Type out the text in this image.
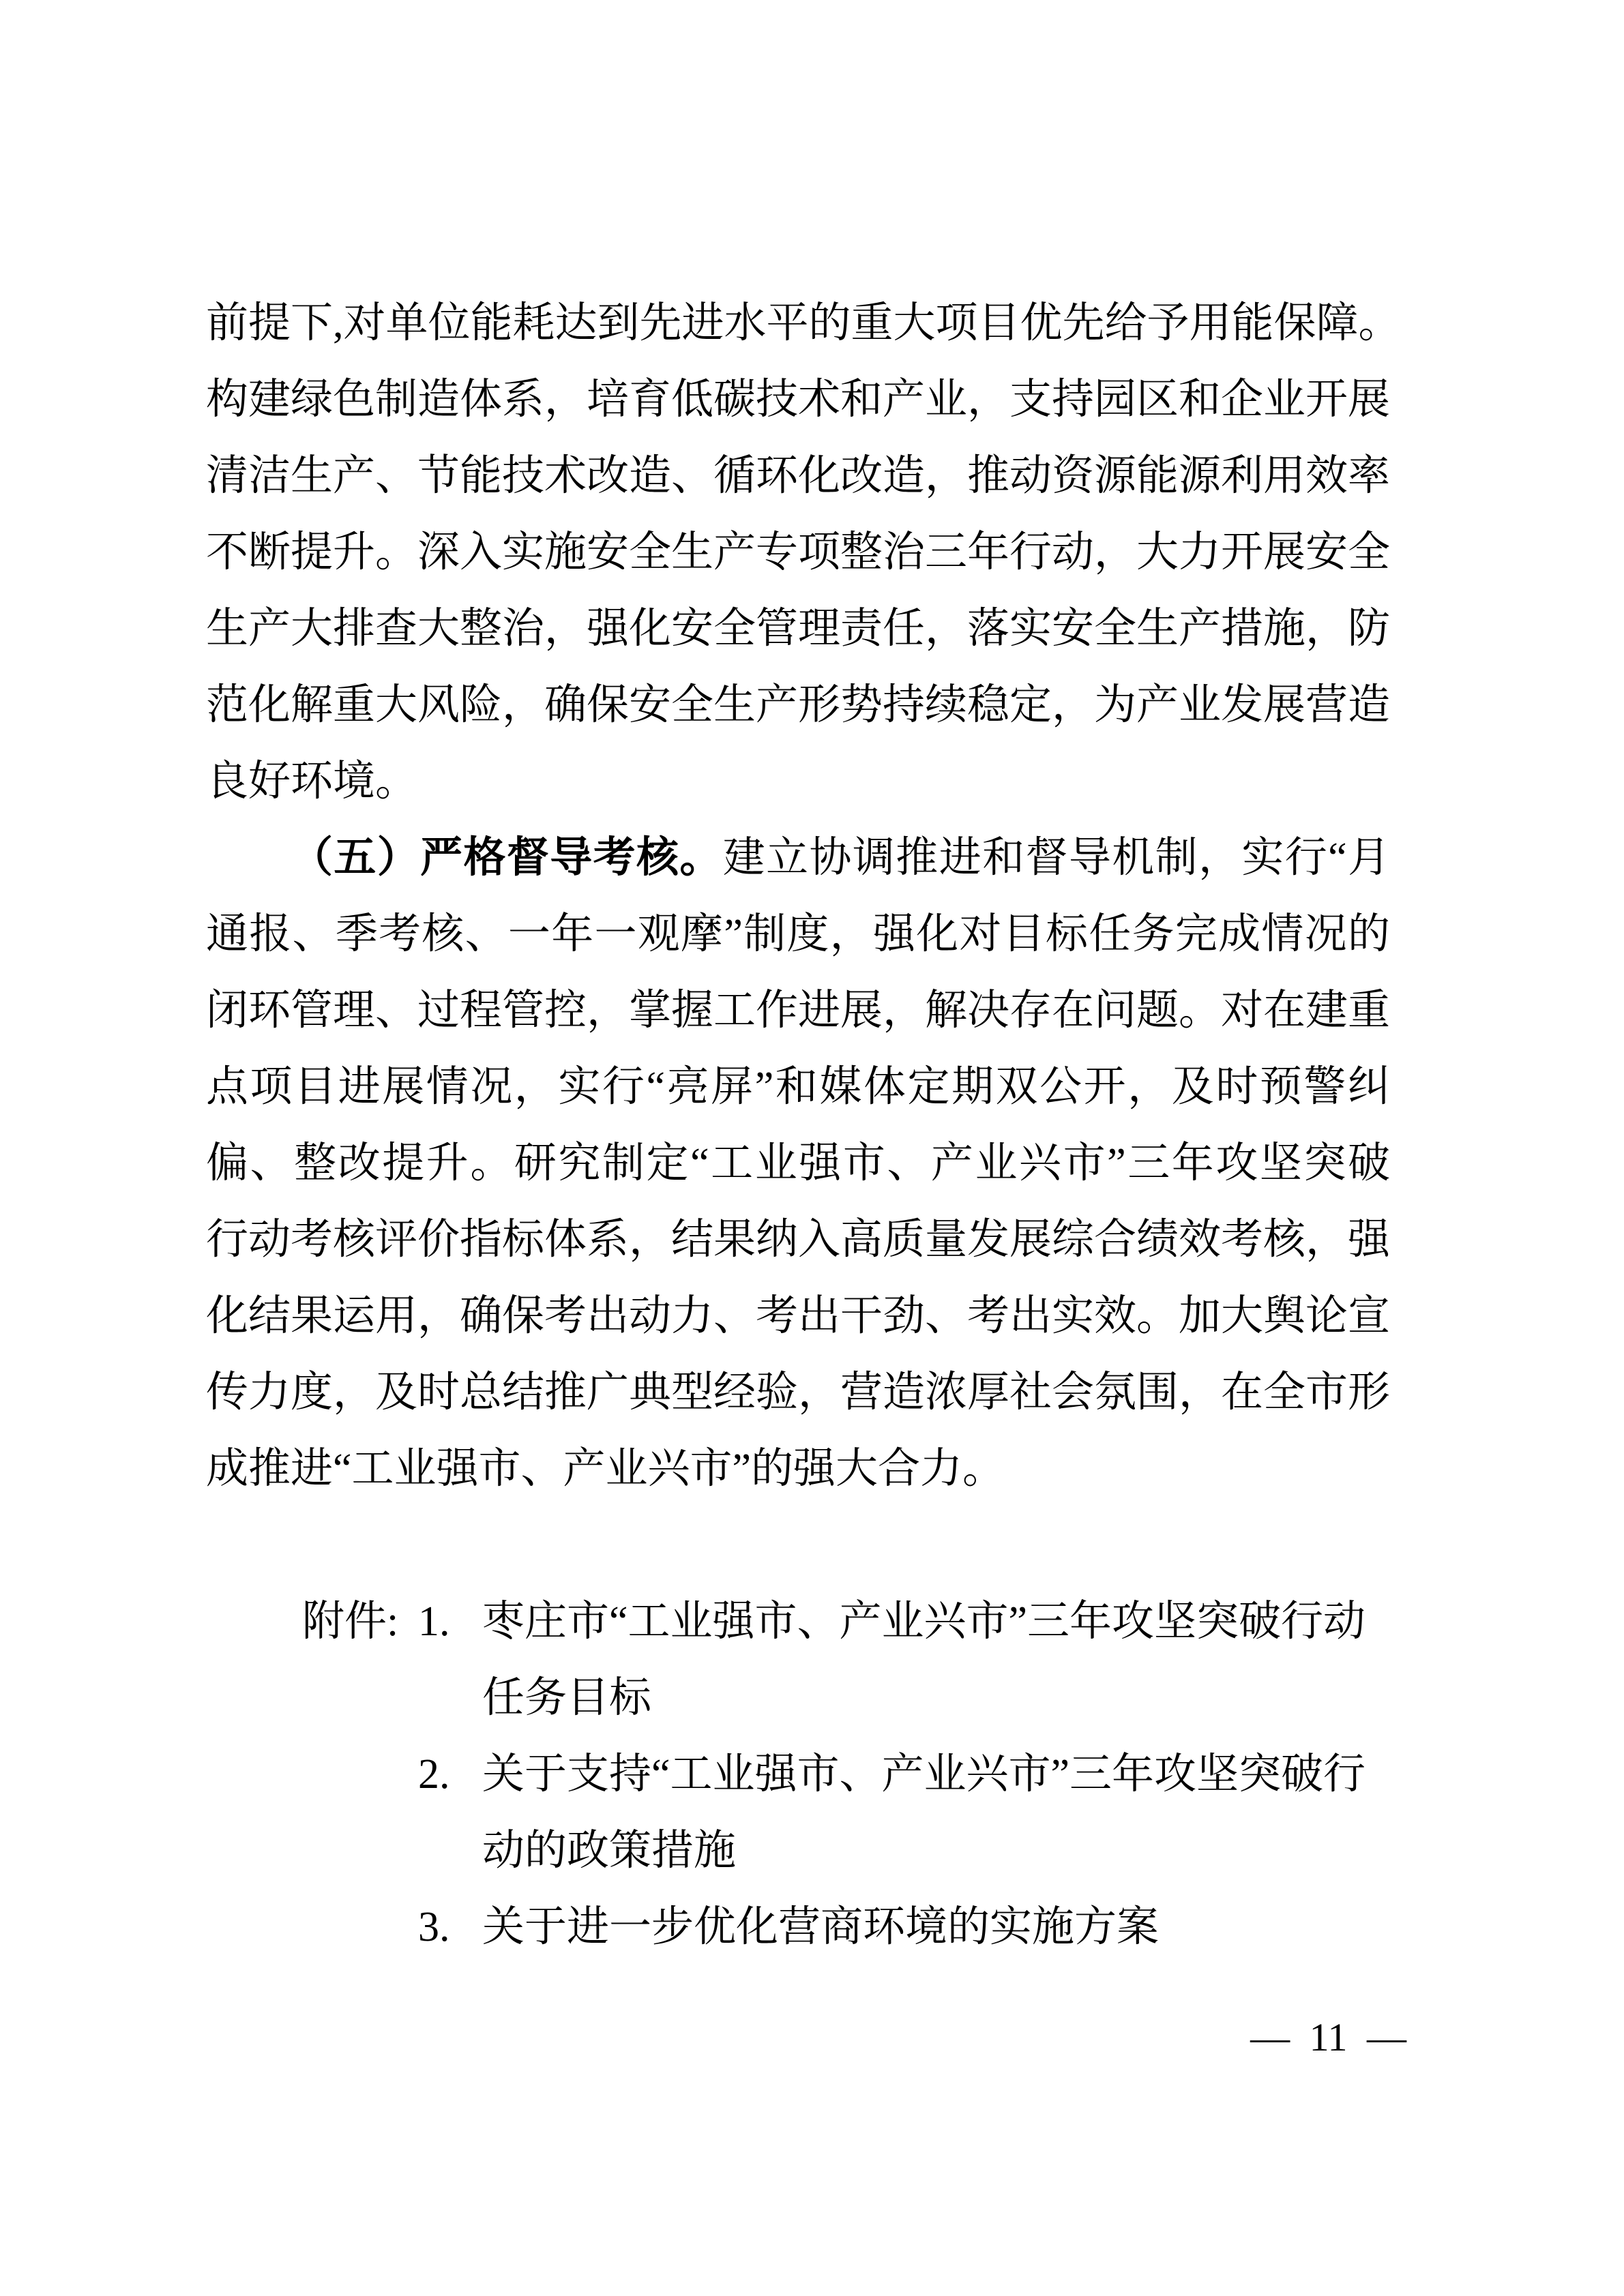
前提下,对单位能耗达到先进水平的重大项目优先给予用能保障。
构建绿色制造体系，培育低碳技术和产业，支持园区和企业开展
清洁生产、节能技术改造、循环化改造，推动资源能源利用效率
不断提升。深入实施安全生产专项整治三年行动，大力开展安全
生产大排查大整治，强化安全管理责任，落实安全生产措施，防
范化解重大风险，确保安全生产形势持续稳定，为产业发展营造
良好环境。
（五）严格督导考核。建立协调推进和督导机制，实行“月
通报、季考核、一年一观摩”制度，强化对目标任务完成情况的
闭环管理、过程管控，掌握工作进展，解决存在问题。对在建重
点项目进展情况，实行“亮屏”和媒体定期双公开，及时预警纠
偏、整改提升。研究制定“工业强市、产业兴市”三年攻坚突破
行动考核评价指标体系，结果纳入高质量发展综合绩效考核，强
化结果运用，确保考出动力、考出干劲、考出实效。加大舆论宣
传力度，及时总结推广典型经验，营造浓厚社会氛围，在全市形
成推进“工业强市、产业兴市”的强大合力。
附件: 1. 枣庄市“工业强市、产业兴市”三年攻坚突破行动
任务目标
2. 关于支持“工业强市、产业兴市”三年攻坚突破行
动的政策措施
3. 关于进一步优化营商环境的实施方案
— 11 —
